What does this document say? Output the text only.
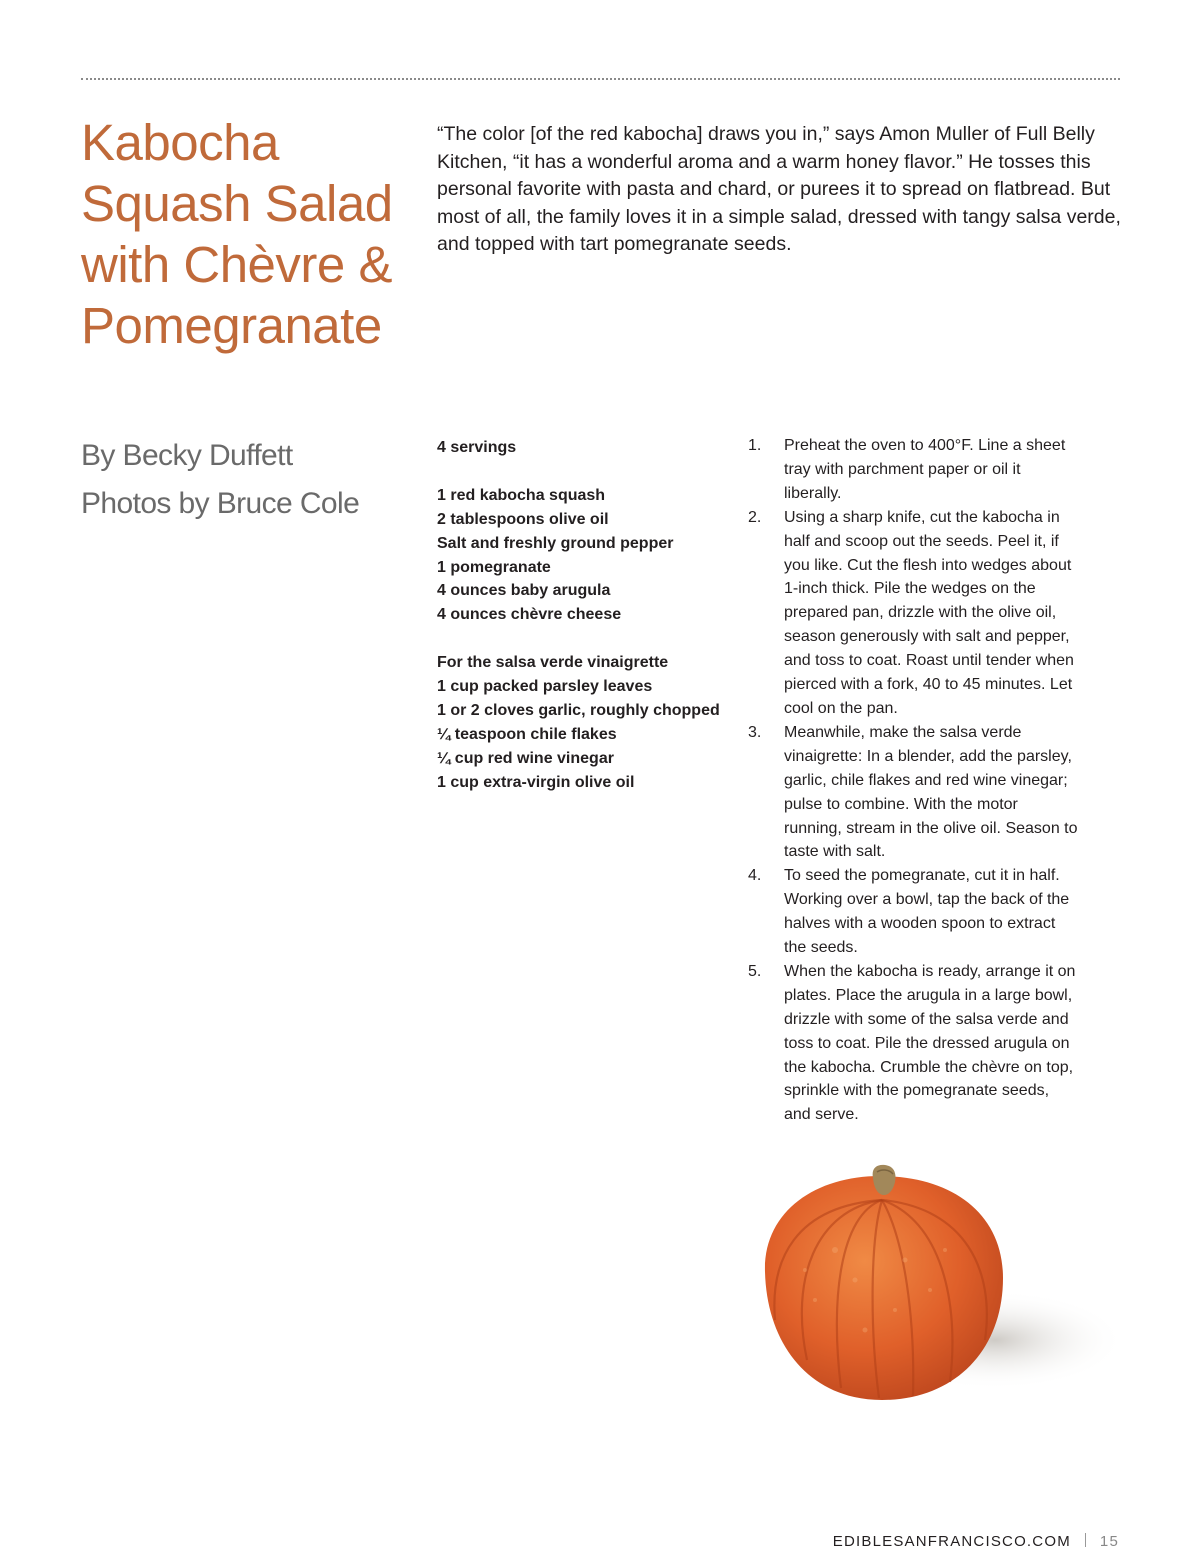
Kabocha
Squash Salad
with Chèvre &
Pomegranate
“The color [of the red kabocha] draws you in,” says Amon Muller of Full Belly
Kitchen, “it has a wonderful aroma and a warm honey flavor.” He tosses this
personal favorite with pasta and chard, or purees it to spread on flatbread. But
most of all, the family loves it in a simple salad, dressed with tangy salsa verde,
and topped with tart pomegranate seeds.
By Becky Duffett
Photos by Bruce Cole
4 servings
1 red kabocha squash
2 tablespoons olive oil
Salt and freshly ground pepper
1 pomegranate
4 ounces baby arugula
4 ounces chèvre cheese
For the salsa verde vinaigrette
1 cup packed parsley leaves
1 or 2 cloves garlic, roughly chopped
¼ teaspoon chile flakes
¼ cup red wine vinegar
1 cup extra-virgin olive oil
1. Preheat the oven to 400°F. Line a sheet
tray with parchment paper or oil it
liberally.
2. Using a sharp knife, cut the kabocha in
half and scoop out the seeds. Peel it, if
you like. Cut the flesh into wedges about
1-inch thick. Pile the wedges on the
prepared pan, drizzle with the olive oil,
season generously with salt and pepper,
and toss to coat. Roast until tender when
pierced with a fork, 40 to 45 minutes. Let
cool on the pan.
3. Meanwhile, make the salsa verde
vinaigrette: In a blender, add the parsley,
garlic, chile flakes and red wine vinegar;
pulse to combine. With the motor
running, stream in the olive oil. Season to
taste with salt.
4. To seed the pomegranate, cut it in half.
Working over a bowl, tap the back of the
halves with a wooden spoon to extract
the seeds.
5. When the kabocha is ready, arrange it on
plates. Place the arugula in a large bowl,
drizzle with some of the salsa verde and
toss to coat. Pile the dressed arugula on
the kabocha. Crumble the chèvre on top,
sprinkle with the pomegranate seeds,
and serve.
EDIBLESANFRANCISCO.COM 15
